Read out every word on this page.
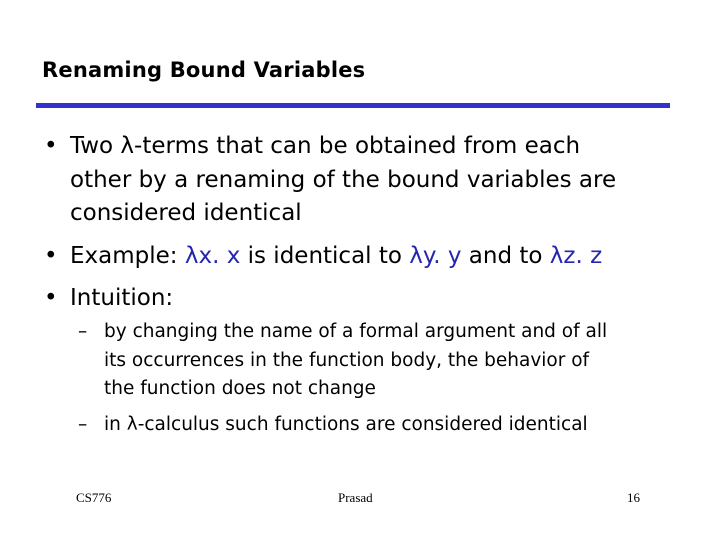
Renaming Bound Variables
• Two λ-terms that can be obtained from each
other by a renaming of the bound variables are
considered identical
• Example: λx. x is identical to λy. y and to λz. z
• Intuition:
– by changing the name of a formal argument and of all
its occurrences in the function body, the behavior of
the function does not change
– in λ-calculus such functions are considered identical
CS776	Prasad	16
